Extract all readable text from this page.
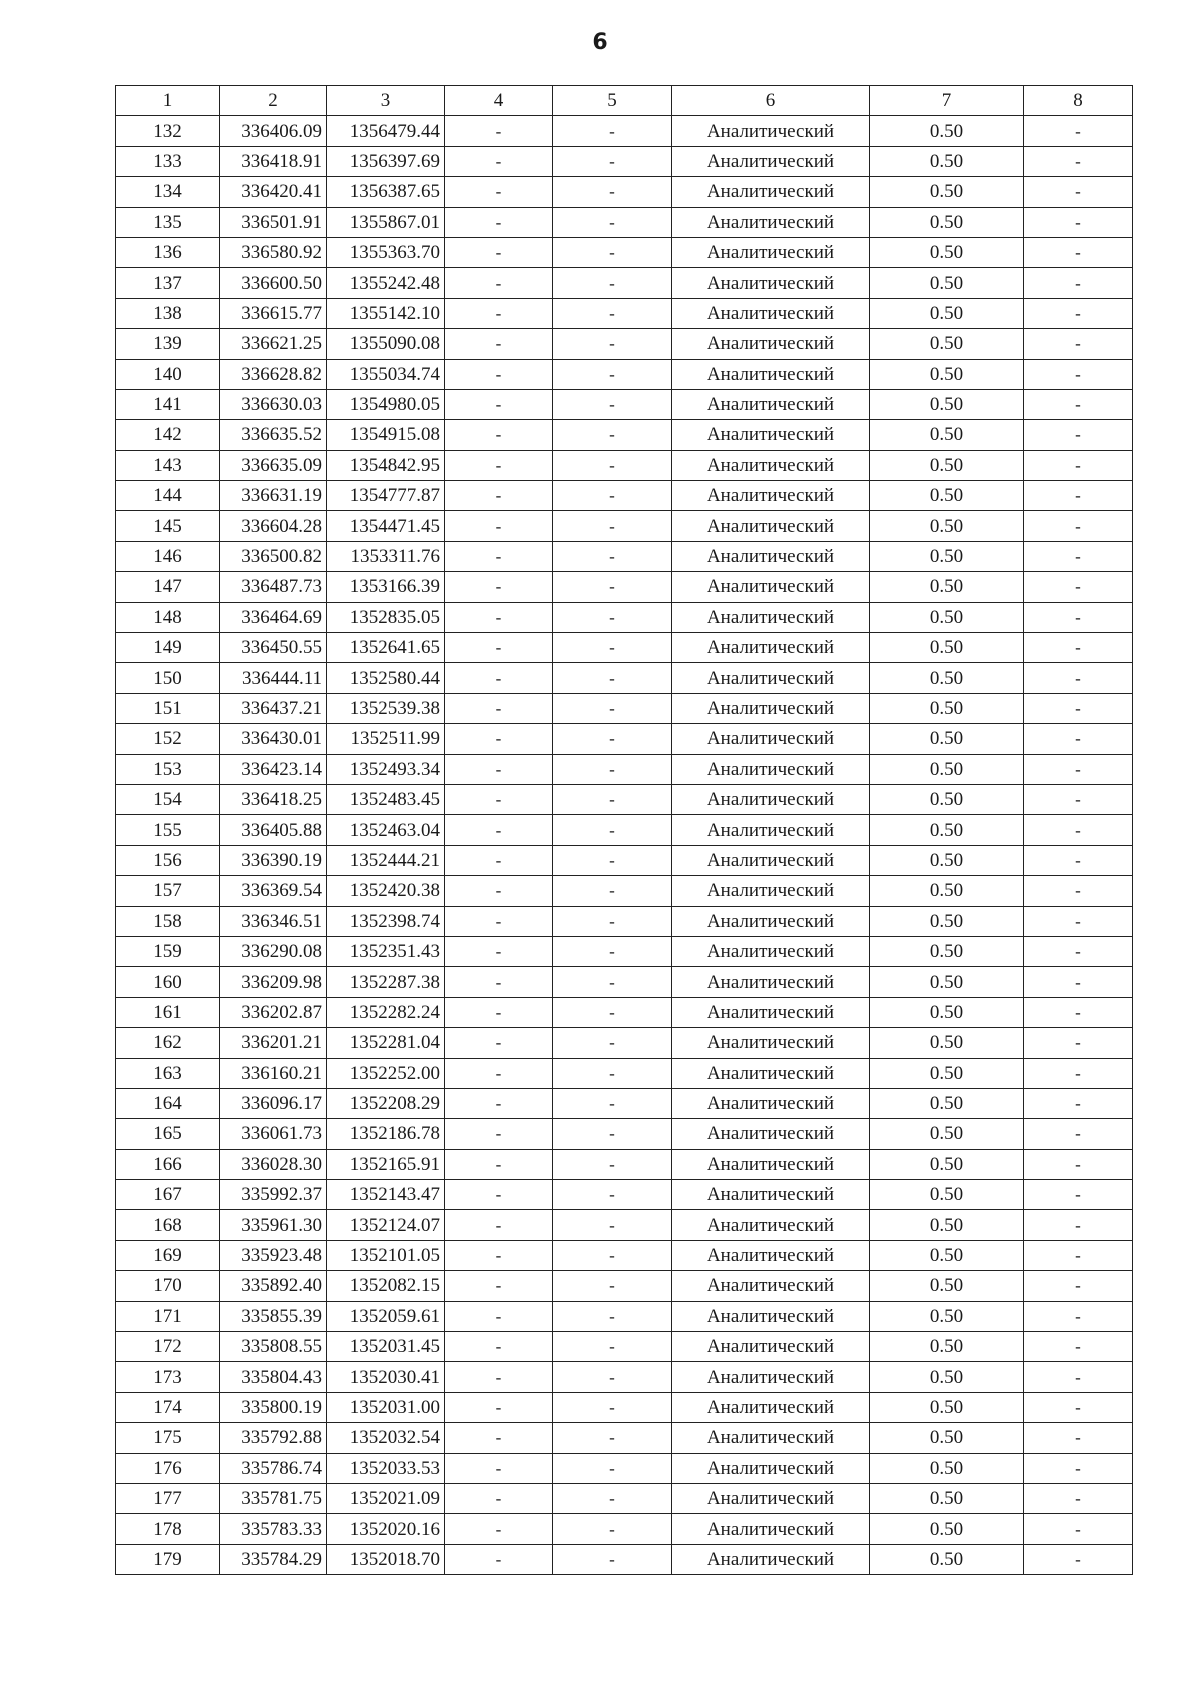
6
1	2	3	4	5	6	7	8
132	336406.09	1356479.44	-	-	Аналитический	0.50	-
133	336418.91	1356397.69	-	-	Аналитический	0.50	-
134	336420.41	1356387.65	-	-	Аналитический	0.50	-
135	336501.91	1355867.01	-	-	Аналитический	0.50	-
136	336580.92	1355363.70	-	-	Аналитический	0.50	-
137	336600.50	1355242.48	-	-	Аналитический	0.50	-
138	336615.77	1355142.10	-	-	Аналитический	0.50	-
139	336621.25	1355090.08	-	-	Аналитический	0.50	-
140	336628.82	1355034.74	-	-	Аналитический	0.50	-
141	336630.03	1354980.05	-	-	Аналитический	0.50	-
142	336635.52	1354915.08	-	-	Аналитический	0.50	-
143	336635.09	1354842.95	-	-	Аналитический	0.50	-
144	336631.19	1354777.87	-	-	Аналитический	0.50	-
145	336604.28	1354471.45	-	-	Аналитический	0.50	-
146	336500.82	1353311.76	-	-	Аналитический	0.50	-
147	336487.73	1353166.39	-	-	Аналитический	0.50	-
148	336464.69	1352835.05	-	-	Аналитический	0.50	-
149	336450.55	1352641.65	-	-	Аналитический	0.50	-
150	336444.11	1352580.44	-	-	Аналитический	0.50	-
151	336437.21	1352539.38	-	-	Аналитический	0.50	-
152	336430.01	1352511.99	-	-	Аналитический	0.50	-
153	336423.14	1352493.34	-	-	Аналитический	0.50	-
154	336418.25	1352483.45	-	-	Аналитический	0.50	-
155	336405.88	1352463.04	-	-	Аналитический	0.50	-
156	336390.19	1352444.21	-	-	Аналитический	0.50	-
157	336369.54	1352420.38	-	-	Аналитический	0.50	-
158	336346.51	1352398.74	-	-	Аналитический	0.50	-
159	336290.08	1352351.43	-	-	Аналитический	0.50	-
160	336209.98	1352287.38	-	-	Аналитический	0.50	-
161	336202.87	1352282.24	-	-	Аналитический	0.50	-
162	336201.21	1352281.04	-	-	Аналитический	0.50	-
163	336160.21	1352252.00	-	-	Аналитический	0.50	-
164	336096.17	1352208.29	-	-	Аналитический	0.50	-
165	336061.73	1352186.78	-	-	Аналитический	0.50	-
166	336028.30	1352165.91	-	-	Аналитический	0.50	-
167	335992.37	1352143.47	-	-	Аналитический	0.50	-
168	335961.30	1352124.07	-	-	Аналитический	0.50	-
169	335923.48	1352101.05	-	-	Аналитический	0.50	-
170	335892.40	1352082.15	-	-	Аналитический	0.50	-
171	335855.39	1352059.61	-	-	Аналитический	0.50	-
172	335808.55	1352031.45	-	-	Аналитический	0.50	-
173	335804.43	1352030.41	-	-	Аналитический	0.50	-
174	335800.19	1352031.00	-	-	Аналитический	0.50	-
175	335792.88	1352032.54	-	-	Аналитический	0.50	-
176	335786.74	1352033.53	-	-	Аналитический	0.50	-
177	335781.75	1352021.09	-	-	Аналитический	0.50	-
178	335783.33	1352020.16	-	-	Аналитический	0.50	-
179	335784.29	1352018.70	-	-	Аналитический	0.50	-
